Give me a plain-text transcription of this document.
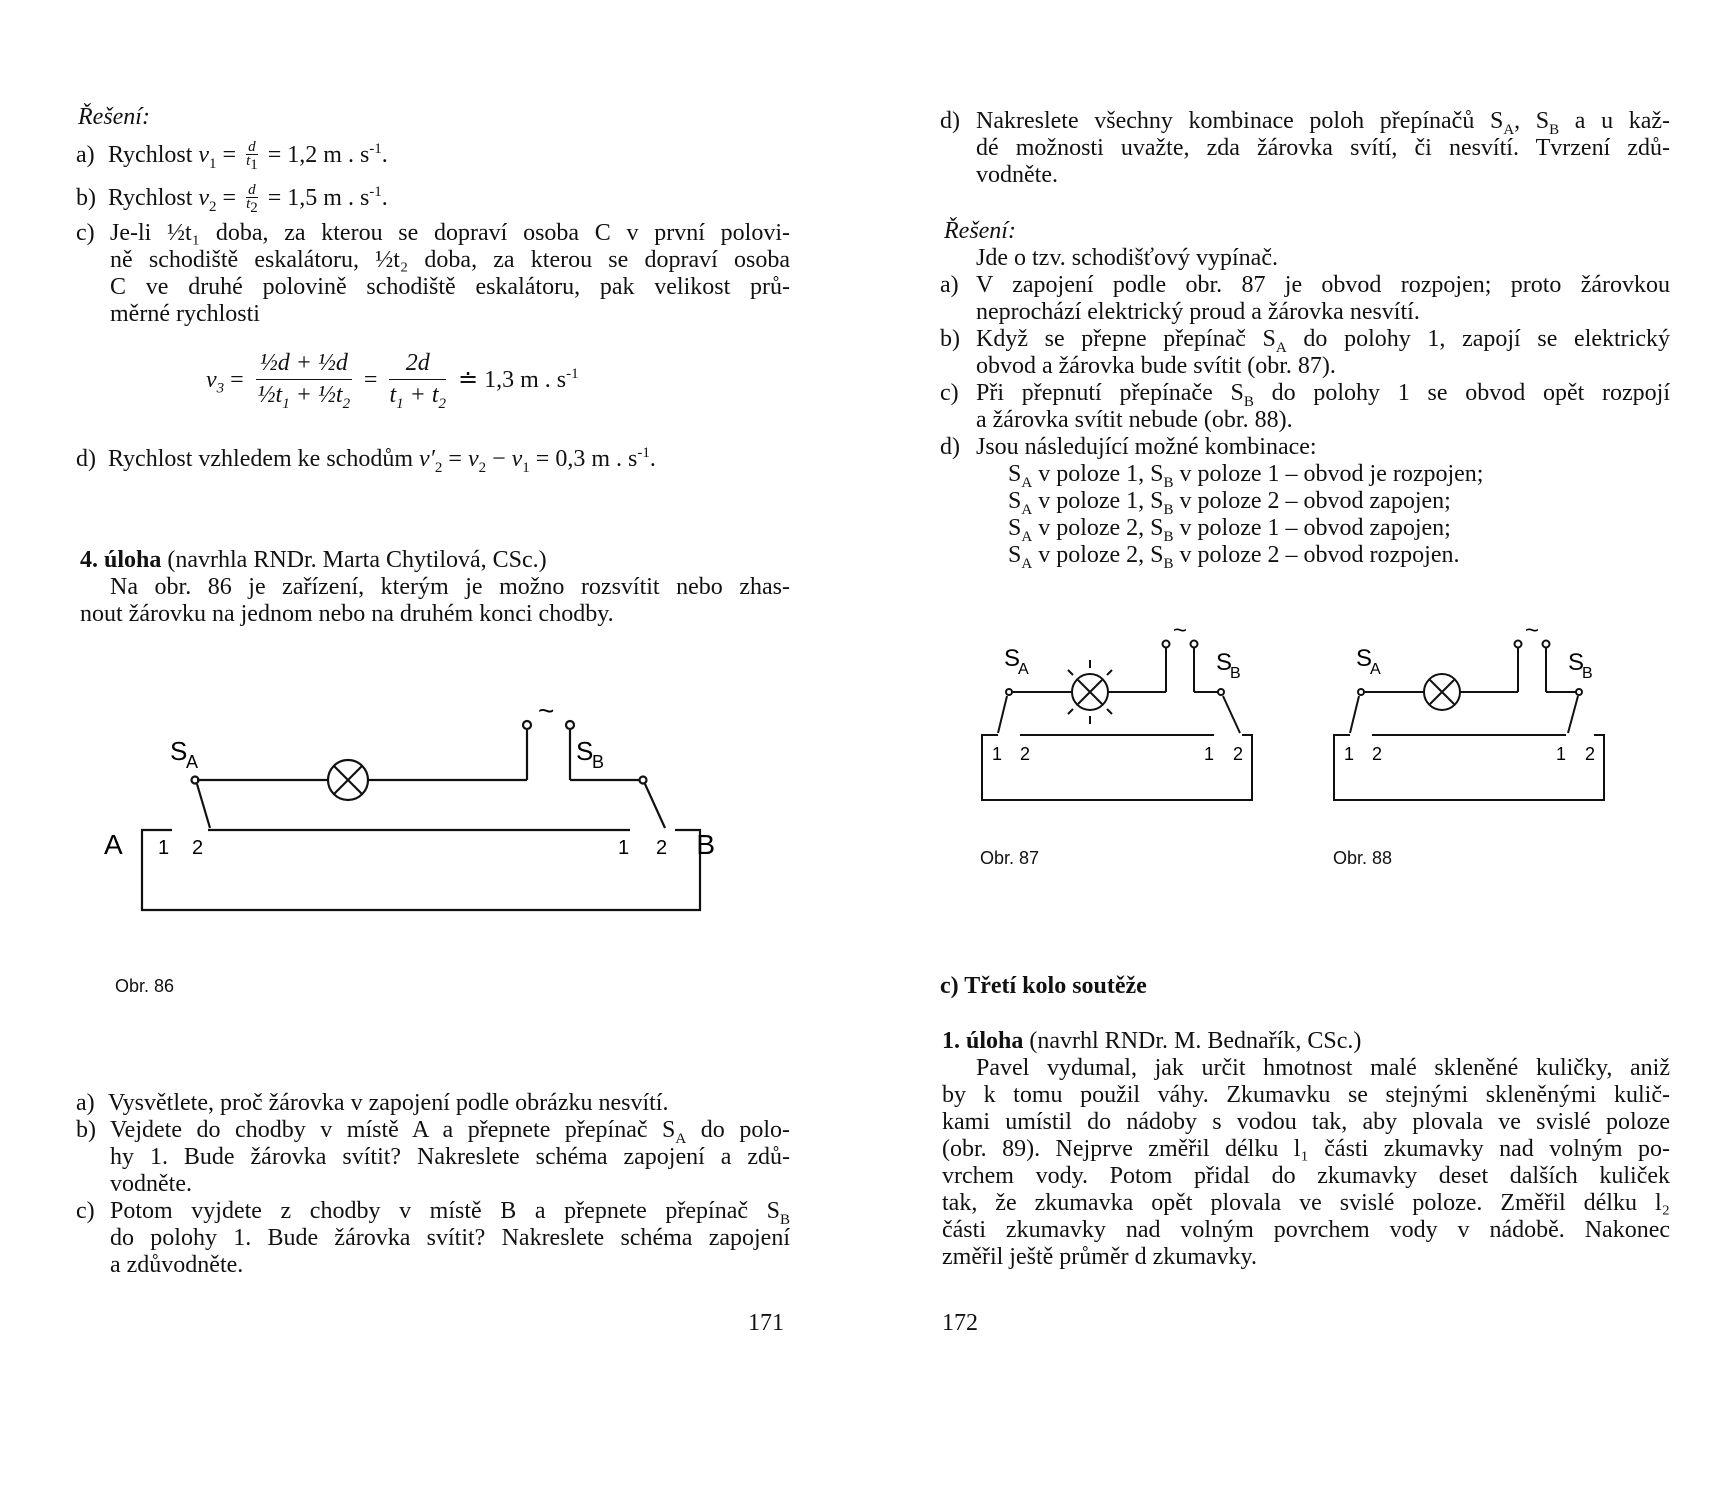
Řešení:
a) Rychlost $v_1 = \frac{d}{t_1} = 1,2$ m . $s^{-1}$.
b) Rychlost $v_2 = \frac{d}{t_2} = 1,5$ m . $s^{-1}$.
c) Je-li ½t₁ doba, za kterou se dopraví osoba C v první polovi-
ně schodiště eskalátoru, ½t₂ doba, za kterou se dopraví osoba
C ve druhé polovině schodiště eskalátoru, pak velikost prů-
měrné rychlosti
$v_3 = \frac{\text{½d + ½d}}{\frac{1}{2}t_1 + \frac{1}{2}t_2} = \frac{2d}{t_1 + t_2}$ ≐ 1,3 m . $s^{-1}$
d) Rychlost vzhledem ke schodům $v'_2 = v_2 - v_1 = 0,3$ m . $s^{-1}$.
4. úloha (navrhla RNDr. Marta Chytilová, CSc.)
Na obr. 86 je zařízení, kterým je možno rozsvítit nebo zhas-
nout žárovku na jednom nebo na druhém konci chodby.
~
S
A	S
B
A	B
1 2	1 2
Obr. 86
a) Vysvětlete, proč žárovka v zapojení podle obrázku nesvítí.
b) Vejdete do chodby v místě A a přepnete přepínač $S_A$ do polo-
hy 1. Bude žárovka svítit? Nakreslete schéma zapojení a zdů-
vodněte.
c) Potom vyjdete z chodby v místě B a přepnete přepínač $S_B$
do polohy 1. Bude žárovka svítit? Nakreslete schéma zapojení
a zdůvodněte.
171
d) Nakreslete všechny kombinace poloh přepínačů $S_A$, $S_B$ a u kaž-
dé možnosti uvažte, zda žárovka svítí, či nesvítí. Tvrzení zdů-
vodněte.
Řešení:
Jde o tzv. schodišťový vypínač.
a) V zapojení podle obr. 87 je obvod rozpojen; proto žárovkou
neprochází elektrický proud a žárovka nesvítí.
b) Když se přepne přepínač $S_A$ do polohy 1, zapojí se elektrický
obvod a žárovka bude svítit (obr. 87).
c) Při přepnutí přepínače $S_B$ do polohy 1 se obvod opět rozpojí
a žárovka svítit nebude (obr. 88).
d) Jsou následující možné kombinace:
$S_A$ v poloze 1, $S_B$ v poloze 1 – obvod je rozpojen;
$S_A$ v poloze 1, $S_B$ v poloze 2 – obvod zapojen;
$S_A$ v poloze 2, $S_B$ v poloze 1 – obvod zapojen;
$S_A$ v poloze 2, $S_B$ v poloze 2 – obvod rozpojen.
~
S
A	S
B
1 2	1 2
Obr. 87
~
S
A	S
B
1 2	1 2
Obr. 88
c) Třetí kolo soutěže
1. úloha (navrhl RNDr. M. Bednařík, CSc.)
Pavel vydumal, jak určit hmotnost malé skleněné kuličky, aniž
by k tomu použil váhy. Zkumavku se stejnými skleněnými kulič-
kami umístil do nádoby s vodou tak, aby plovala ve svislé poloze
(obr. 89). Nejprve změřil délku l₁ části zkumavky nad volným po-
vrchem vody. Potom přidal do zkumavky deset dalších kuliček
tak, že zkumavka opět plovala ve svislé poloze. Změřil délku l₂
části zkumavky nad volným povrchem vody v nádobě. Nakonec
změřil ještě průměr d zkumavky.
172
